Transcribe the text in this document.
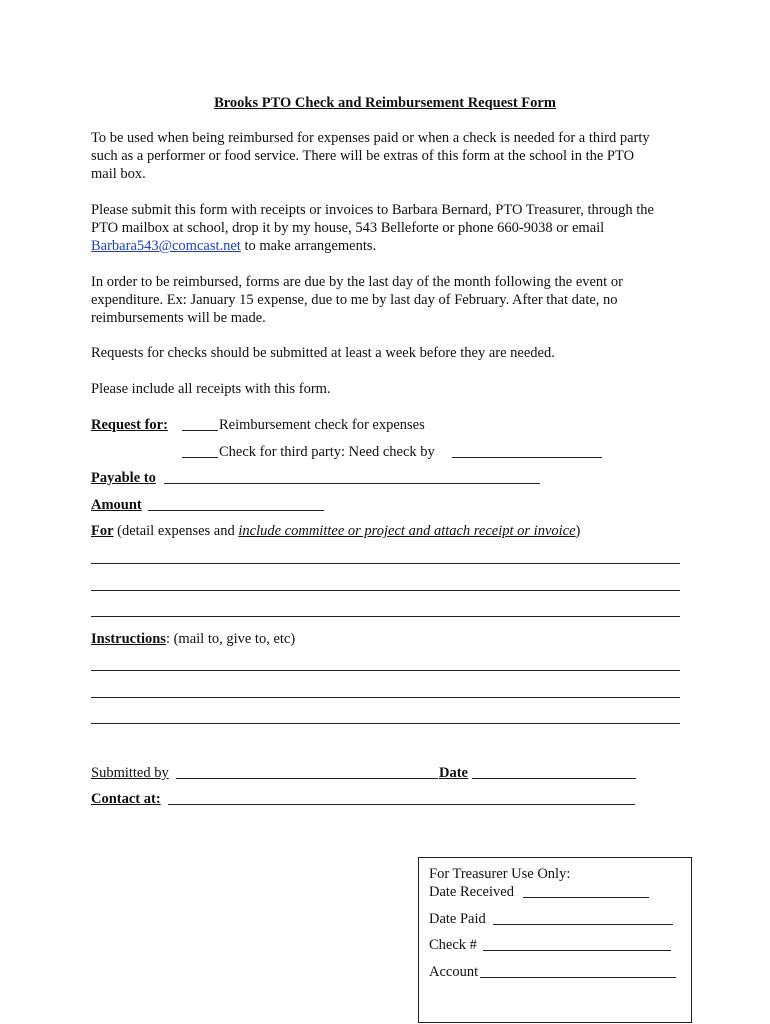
Brooks PTO Check and Reimbursement Request Form
To be used when being reimbursed for expenses paid or when a check is needed for a third party
such as a performer or food service. There will be extras of this form at the school in the PTO
mail box.
Please submit this form with receipts or invoices to Barbara Bernard, PTO Treasurer, through the
PTO mailbox at school, drop it by my house, 543 Belleforte or phone 660-9038 or email
Barbara543@comcast.net to make arrangements.
In order to be reimbursed, forms are due by the last day of the month following the event or
expenditure. Ex: January 15 expense, due to me by last day of February. After that date, no
reimbursements will be made.
Requests for checks should be submitted at least a week before they are needed.
Please include all receipts with this form.
Request for:	Reimbursement check for expenses
Check for third party: Need check by
Payable to
Amount
For (detail expenses and include committee or project and attach receipt or invoice)
Instructions: (mail to, give to, etc)
Submitted by	Date
Contact at:
For Treasurer Use Only:
Date Received
Date Paid
Check #
Account
